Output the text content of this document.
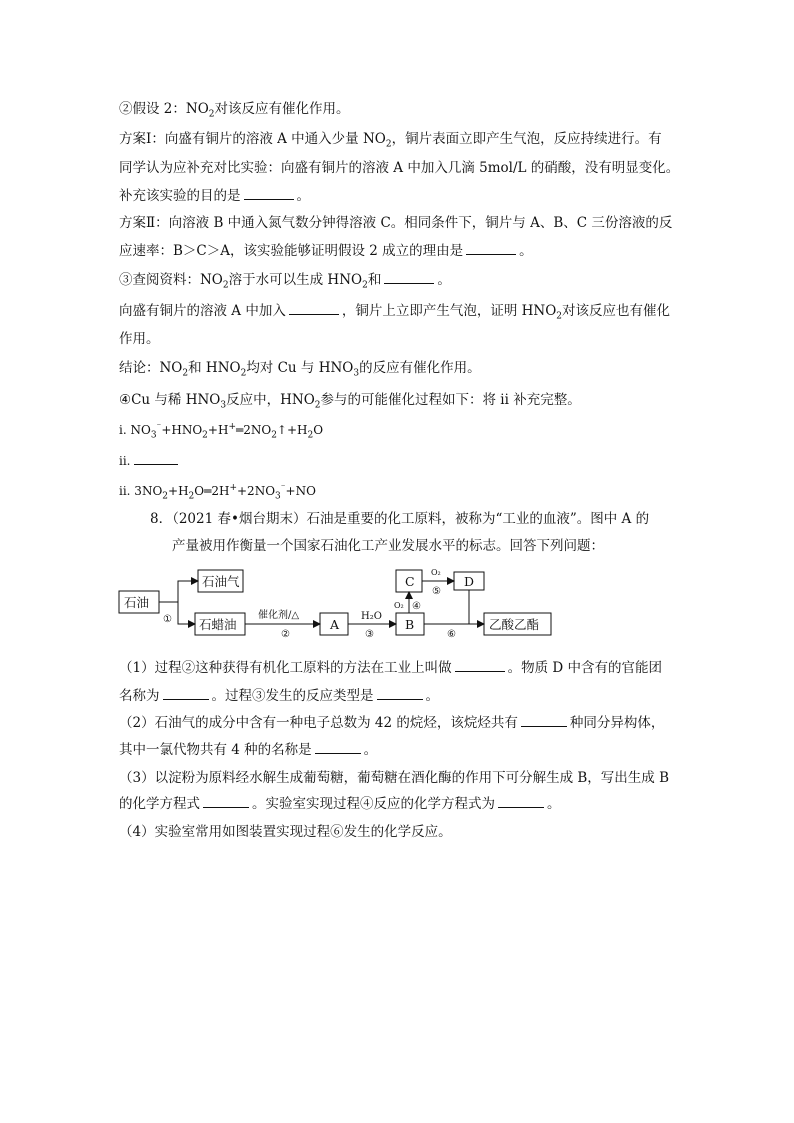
②假设 2：$NO_2$对该反应有催化作用。
方案Ⅰ：向盛有铜片的溶液 A 中通入少量 $NO_2$，铜片表面立即产生气泡，反应持续进行。有
同学认为应补充对比实验：向盛有铜片的溶液 A 中加入几滴 5mol/L 的硝酸，没有明显变化。
补充该实验的目的是	。
方案Ⅱ：向溶液 B 中通入氮气数分钟得溶液 C。相同条件下，铜片与 A、B、C 三份溶液的反
应速率：B＞C＞A，该实验能够证明假设 2 成立的理由是	。
③查阅资料：$NO_2$溶于水可以生成 $HNO_2$和	。
向盛有铜片的溶液 A 中加入	，铜片上立即产生气泡，证明 $HNO_2$对该反应也有催化
作用。
结论：$NO_2$和 $HNO_2$均对 Cu 与 $HNO_3$的反应有催化作用。
④Cu 与稀 $HNO_3$反应中，$HNO_2$参与的可能催化过程如下：将 ii 补充完整。
i. $NO_3^{^-}+HNO_2+H^+═2NO_2↑+H_2O$
ii.
ii. $3NO_2+H_2O═2H^++2NO_3^{^-}+NO$
8．（2021 春•烟台期末）石油是重要的化工原料，被称为“工业的血液”。图中 A 的
产量被用作衡量一个国家石油化工产业发展水平的标志。回答下列问题：
石油
石油气
石蜡油	A	B
C	D
乙酸乙酯
催化剂/△	H₂O
O₂
O₂
①
②	③
④
⑤
⑥
（1）过程②这种获得有机化工原料的方法在工业上叫做	。物质 D 中含有的官能团
名称为	。过程③发生的反应类型是	。
（2）石油气的成分中含有一种电子总数为 42 的烷烃，该烷烃共有	种同分异构体，
其中一氯代物共有 4 种的名称是	。
（3）以淀粉为原料经水解生成葡萄糖，葡萄糖在酒化酶的作用下可分解生成 B，写出生成 B
的化学方程式	。实验室实现过程④反应的化学方程式为	。
（4）实验室常用如图装置实现过程⑥发生的化学反应。
